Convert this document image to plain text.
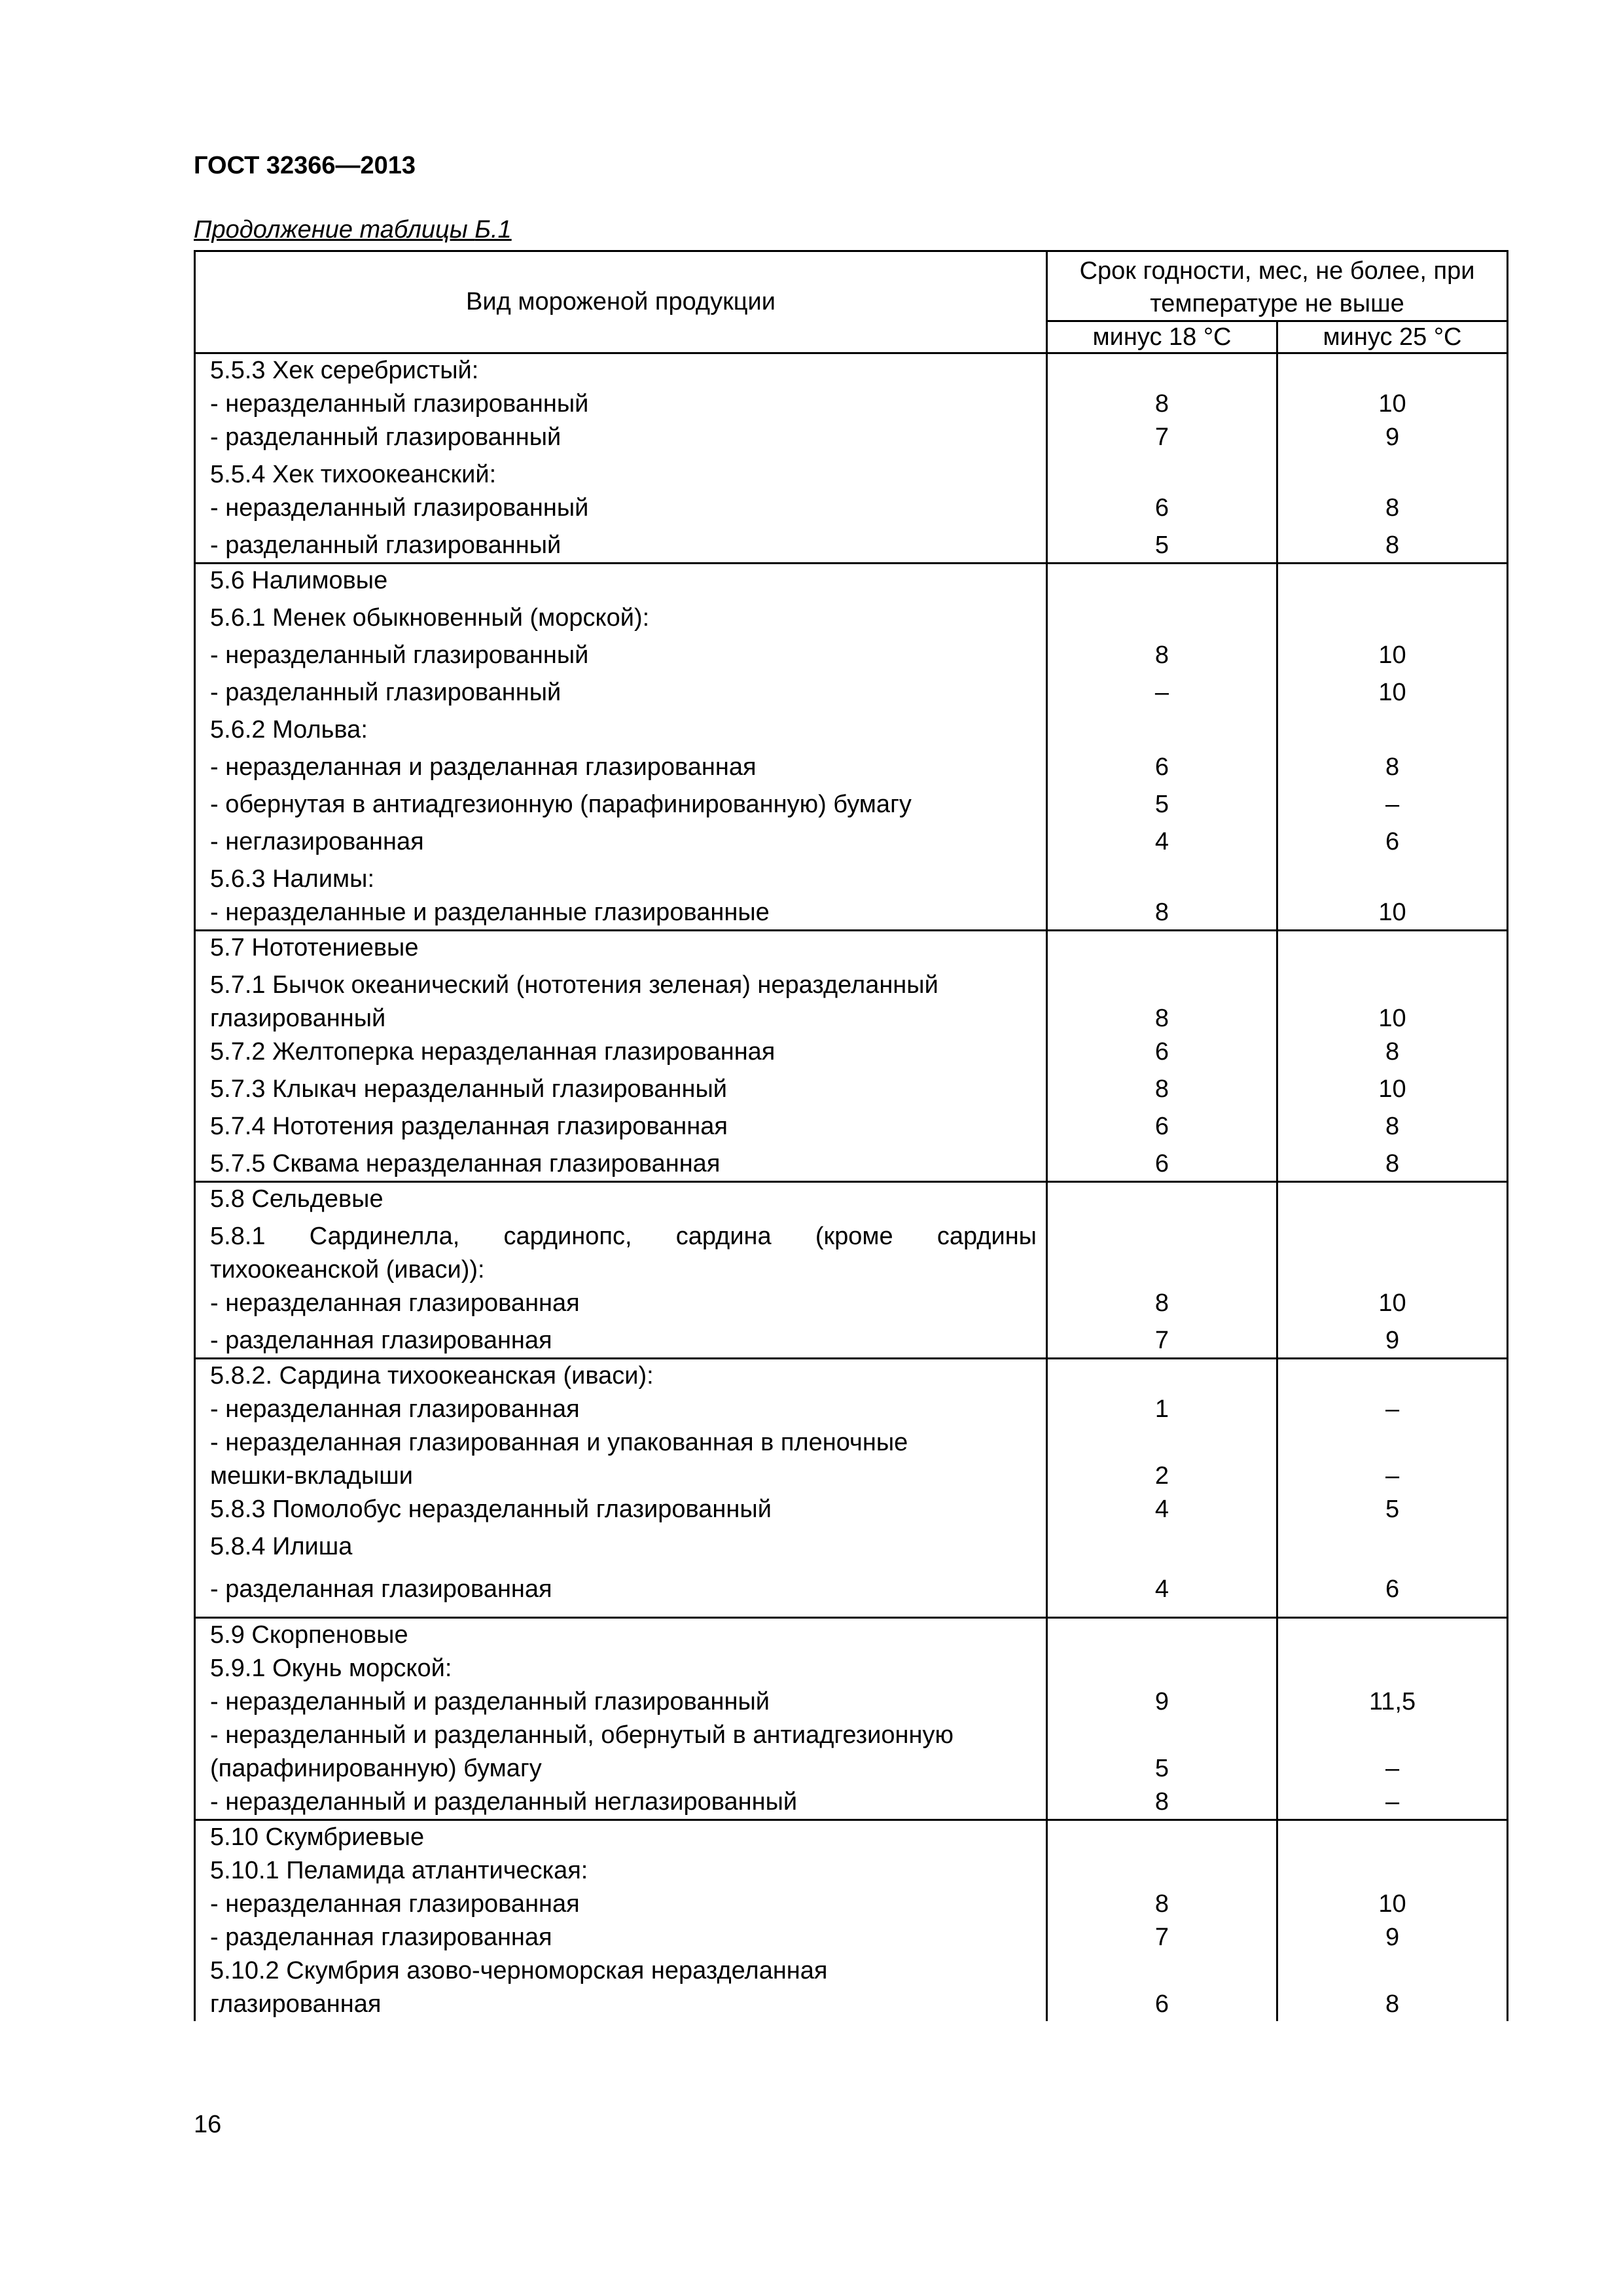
ГОСТ 32366—2013
Продолжение таблицы Б.1
Вид мороженой продукции	Срок годности, мес, не более, при температуре не выше	
	минус 18 °С	минус 25 °С
5.5.3 Хек серебристый:		
- неразделанный глазированный	8	10
- разделанный глазированный	7	9
5.5.4 Хек тихоокеанский:		
- неразделанный глазированный	6	8
- разделанный глазированный	5	8
5.6 Налимовые		
5.6.1 Менек обыкновенный (морской):		
- неразделанный глазированный	8	10
- разделанный глазированный	–	10
5.6.2 Мольва:		
- неразделанная и разделанная глазированная	6	8
- обернутая в антиадгезионную (парафинированную) бумагу	5	–
- неглазированная	4	6
5.6.3 Налимы:		
- неразделанные и разделанные глазированные	8	10
5.7 Нототениевые		
5.7.1 Бычок океанический (нототения зеленая) неразделанный		
глазированный	8	10
5.7.2 Желтоперка неразделанная глазированная	6	8
5.7.3 Клыкач неразделанный глазированный	8	10
5.7.4 Нототения разделанная глазированная	6	8
5.7.5 Сквама неразделанная глазированная	6	8
5.8 Сельдевые		
5.8.1 Сардинелла, сардинопс, сардина (кроме сардины		
тихоокеанской (иваси)):		
- неразделанная глазированная	8	10
- разделанная глазированная	7	9
5.8.2. Сардина тихоокеанская (иваси):		
- неразделанная глазированная	1	–
- неразделанная глазированная и упакованная в пленочные		
мешки-вкладыши	2	–
5.8.3 Помолобус неразделанный глазированный	4	5
5.8.4 Илиша		
- разделанная глазированная	4	6
5.9 Скорпеновые		
5.9.1 Окунь морской:		
- неразделанный и разделанный глазированный	9	11,5
- неразделанный и разделанный, обернутый в антиадгезионную		
(парафинированную) бумагу	5	–
- неразделанный и разделанный неглазированный	8	–
5.10 Скумбриевые		
5.10.1 Пеламида атлантическая:		
- неразделанная глазированная	8	10
- разделанная глазированная	7	9
5.10.2 Скумбрия азово-черноморская неразделанная		
глазированная	6	8
16
